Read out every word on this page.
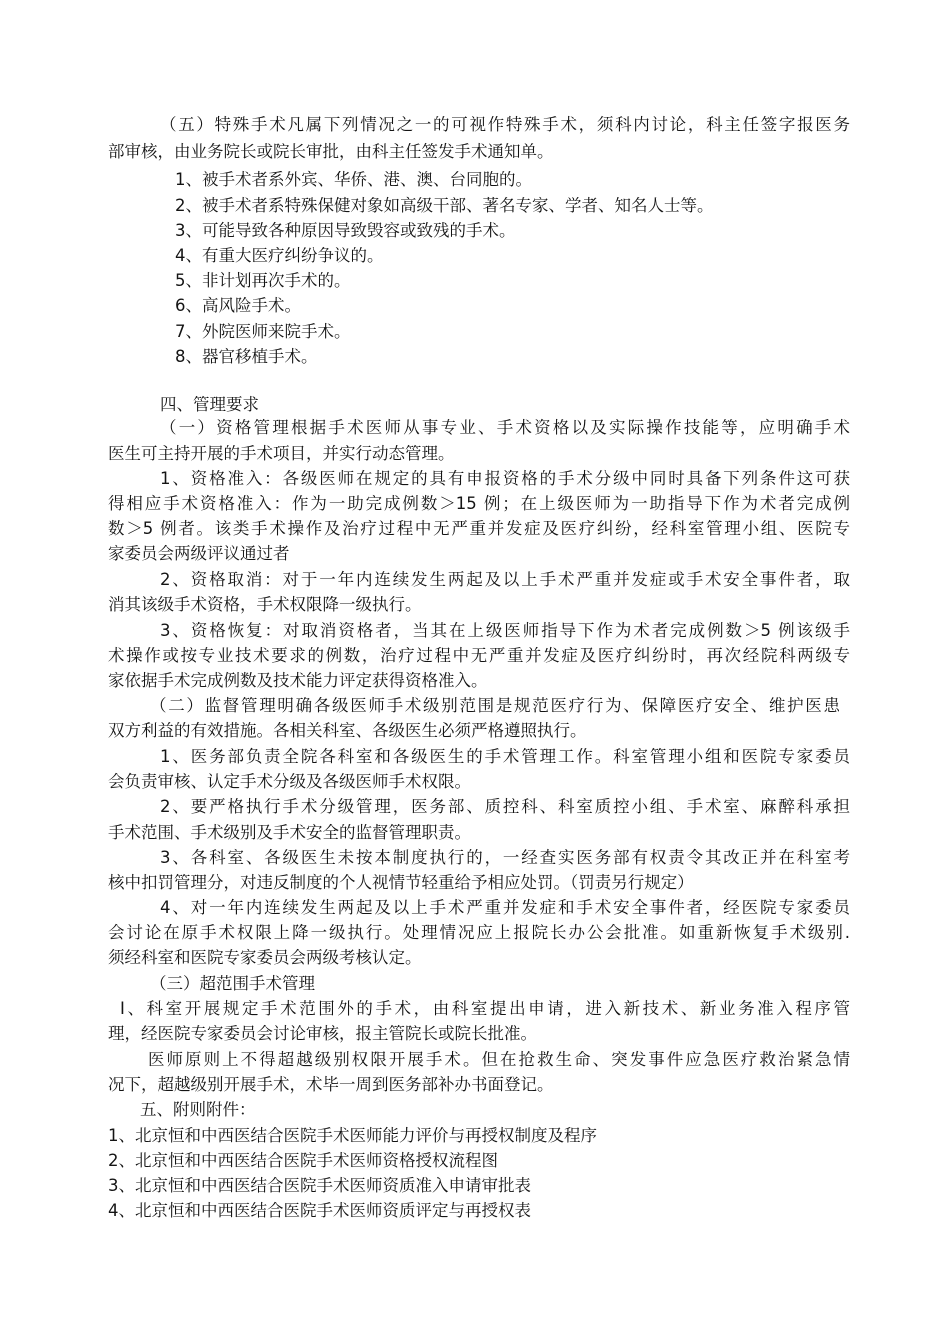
（五）特殊手术凡属下列情况之一的可视作特殊手术，须科内讨论，科主任签字报医务

部审核，由业务院长或院长审批，由科主任签发手术通知单。

1、被手术者系外宾、华侨、港、澳、台同胞的。

2、被手术者系特殊保健对象如高级干部、著名专家、学者、知名人士等。

3、可能导致各种原因导致毁容或致残的手术。

4、有重大医疗纠纷争议的。

5、非计划再次手术的。

6、高风险手术。

7、外院医师来院手术。

8、器官移植手术。

四、管理要求

（一）资格管理根据手术医师从事专业、手术资格以及实际操作技能等，应明确手术

医生可主持开展的手术项目，并实行动态管理。

1、资格准入：各级医师在规定的具有申报资格的手术分级中同时具备下列条件这可获

得相应手术资格准入：作为一助完成例数＞15 例；在上级医师为一助指导下作为术者完成例

数＞5 例者。该类手术操作及治疗过程中无严重并发症及医疗纠纷，经科室管理小组、医院专

家委员会两级评议通过者

2、资格取消：对于一年内连续发生两起及以上手术严重并发症或手术安全事件者，取

消其该级手术资格，手术权限降一级执行。

3、资格恢复：对取消资格者，当其在上级医师指导下作为术者完成例数＞5 例该级手

术操作或按专业技术要求的例数，治疗过程中无严重并发症及医疗纠纷时，再次经院科两级专

家依据手术完成例数及技术能力评定获得资格准入。

（二）监督管理明确各级医师手术级别范围是规范医疗行为、保障医疗安全、维护医患

双方利益的有效措施。各相关科室、各级医生必须严格遵照执行。

1、医务部负责全院各科室和各级医生的手术管理工作。科室管理小组和医院专家委员

会负责审核、认定手术分级及各级医师手术权限。

2、要严格执行手术分级管理，医务部、质控科、科室质控小组、手术室、麻醉科承担

手术范围、手术级别及手术安全的监督管理职责。

3、各科室、各级医生未按本制度执行的，一经查实医务部有权责令其改正并在科室考

核中扣罚管理分，对违反制度的个人视情节轻重给予相应处罚。（罚责另行规定）

4、对一年内连续发生两起及以上手术严重并发症和手术安全事件者，经医院专家委员

会讨论在原手术权限上降一级执行。处理情况应上报院长办公会批准。如重新恢复手术级别.

须经科室和医院专家委员会两级考核认定。

（三）超范围手术管理

I、科室开展规定手术范围外的手术，由科室提出申请，进入新技术、新业务准入程序管

理，经医院专家委员会讨论审核，报主管院长或院长批准。

医师原则上不得超越级别权限开展手术。但在抢救生命、突发事件应急医疗救治紧急情

况下，超越级别开展手术，术毕一周到医务部补办书面登记。

五、附则附件：

1、北京恒和中西医结合医院手术医师能力评价与再授权制度及程序

2、北京恒和中西医结合医院手术医师资格授权流程图

3、北京恒和中西医结合医院手术医师资质准入申请审批表

4、北京恒和中西医结合医院手术医师资质评定与再授权表
